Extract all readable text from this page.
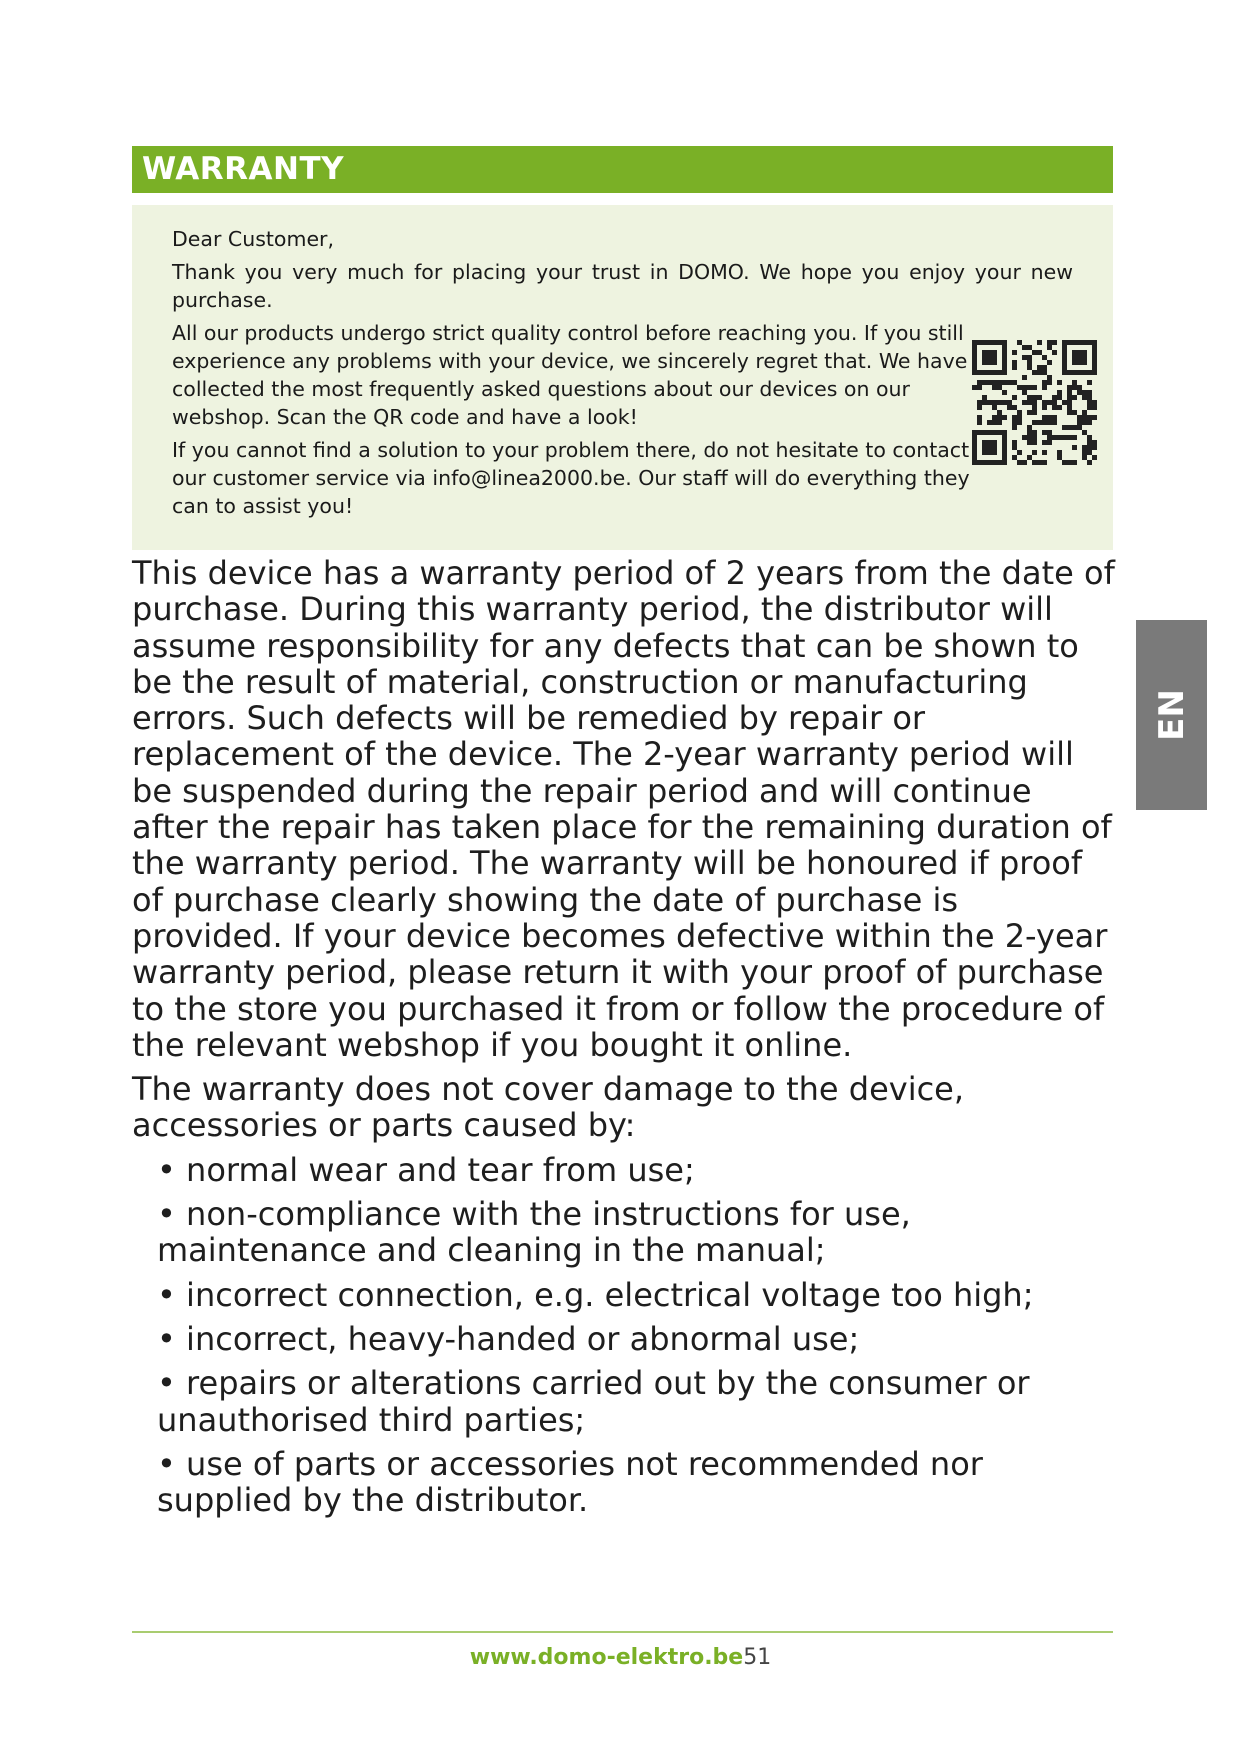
WARRANTY

Dear Customer,

Thank you very much for placing your trust in DOMO. We hope you enjoy your new purchase.

All our products undergo strict quality control before reaching you. If you still experience any problems with your device, we sincerely regret that. We have collected the most frequently asked questions about our devices on our webshop. Scan the QR code and have a look!

If you cannot find a solution to your problem there, do not hesitate to contact our customer service via info@linea2000.be. Our staff will do everything they can to assist you!

This device has a warranty period of 2 years from the date of purchase. During this warranty period, the distributor will assume responsibility for any defects that can be shown to be the result of material, construction or manufacturing errors. Such defects will be remedied by repair or replacement of the device. The 2-year warranty period will be suspended during the repair period and will continue after the repair has taken place for the remaining duration of the warranty period. The warranty will be honoured if proof of purchase clearly showing the date of purchase is provided. If your device becomes defective within the 2-year warranty period, please return it with your proof of purchase to the store you purchased it from or follow the procedure of the relevant webshop if you bought it online.

The warranty does not cover damage to the device, accessories or parts caused by:

• normal wear and tear from use;
• non-compliance with the instructions for use, maintenance and cleaning in the manual;
• incorrect connection, e.g. electrical voltage too high;
• incorrect, heavy-handed or abnormal use;
• repairs or alterations carried out by the consumer or unauthorised third parties;
• use of parts or accessories not recommended nor supplied by the distributor.
EN
www.domo-elektro.be51
